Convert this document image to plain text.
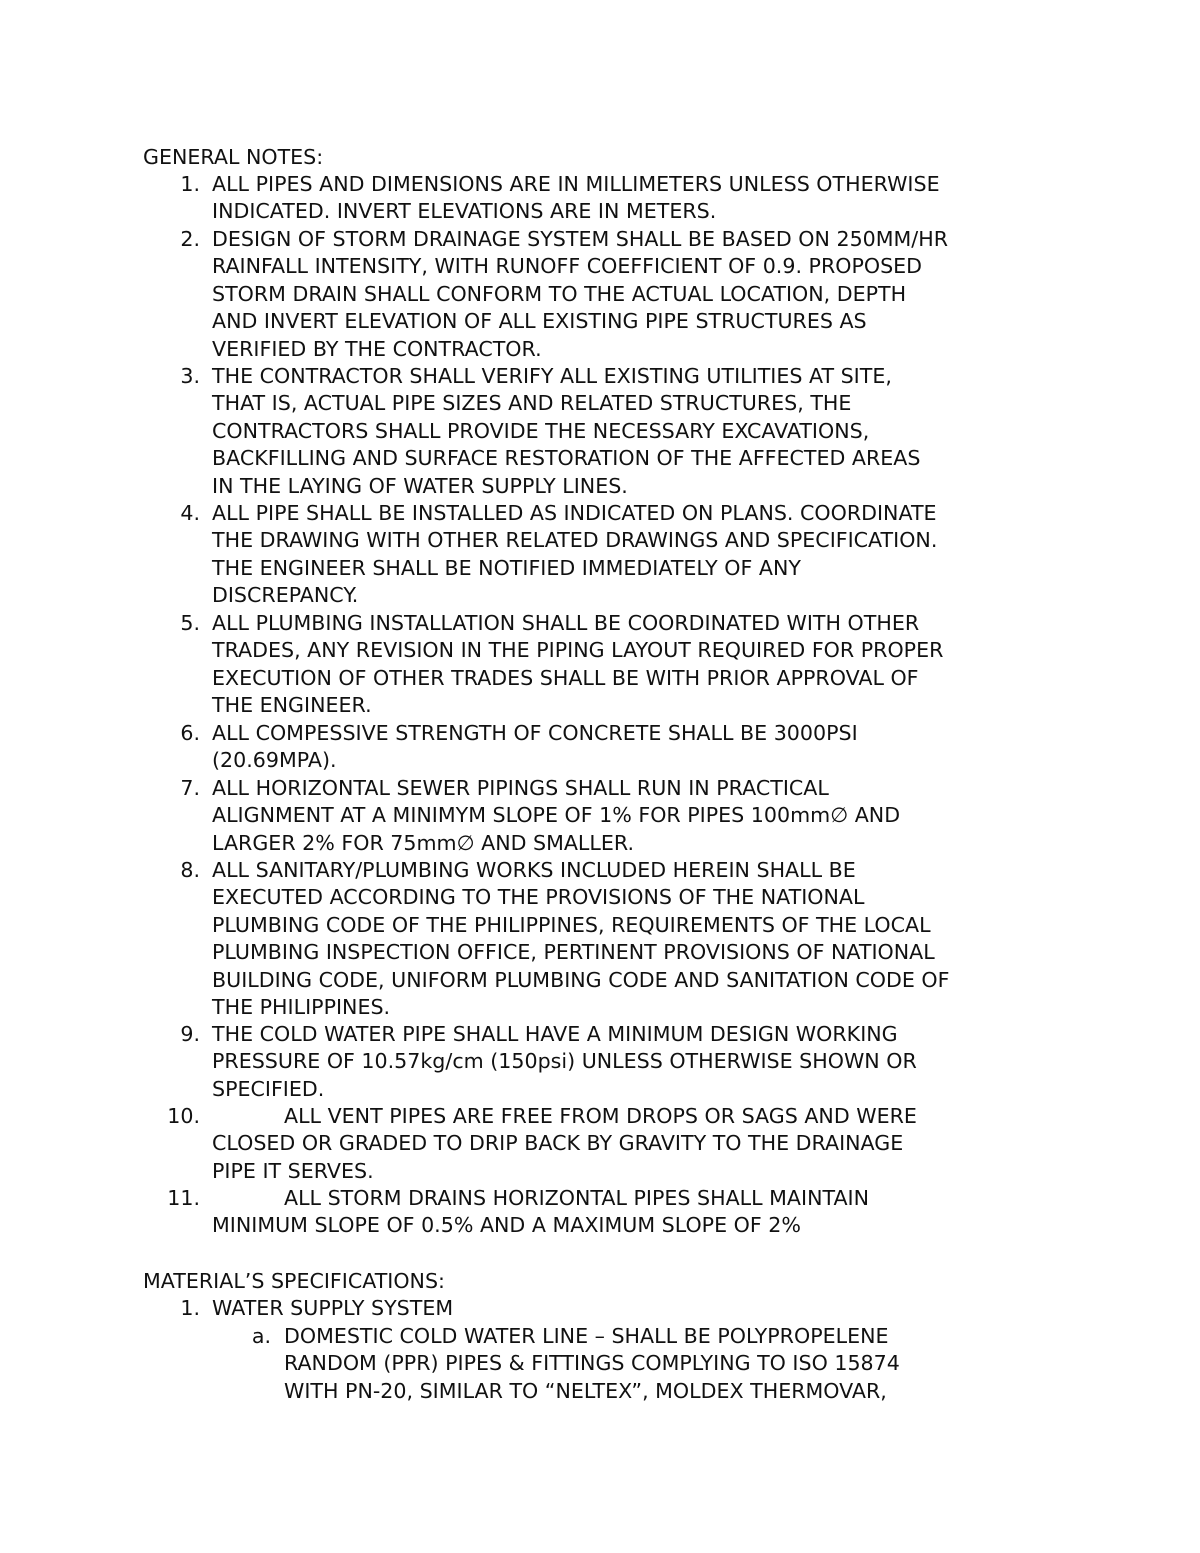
GENERAL NOTES:
1. ALL PIPES AND DIMENSIONS ARE IN MILLIMETERS UNLESS OTHERWISE
INDICATED. INVERT ELEVATIONS ARE IN METERS.
2. DESIGN OF STORM DRAINAGE SYSTEM SHALL BE BASED ON 250MM/HR
RAINFALL INTENSITY, WITH RUNOFF COEFFICIENT OF 0.9. PROPOSED
STORM DRAIN SHALL CONFORM TO THE ACTUAL LOCATION, DEPTH
AND INVERT ELEVATION OF ALL EXISTING PIPE STRUCTURES AS
VERIFIED BY THE CONTRACTOR.
3. THE CONTRACTOR SHALL VERIFY ALL EXISTING UTILITIES AT SITE,
THAT IS, ACTUAL PIPE SIZES AND RELATED STRUCTURES, THE
CONTRACTORS SHALL PROVIDE THE NECESSARY EXCAVATIONS,
BACKFILLING AND SURFACE RESTORATION OF THE AFFECTED AREAS
IN THE LAYING OF WATER SUPPLY LINES.
4. ALL PIPE SHALL BE INSTALLED AS INDICATED ON PLANS. COORDINATE
THE DRAWING WITH OTHER RELATED DRAWINGS AND SPECIFICATION.
THE ENGINEER SHALL BE NOTIFIED IMMEDIATELY OF ANY
DISCREPANCY.
5. ALL PLUMBING INSTALLATION SHALL BE COORDINATED WITH OTHER
TRADES, ANY REVISION IN THE PIPING LAYOUT REQUIRED FOR PROPER
EXECUTION OF OTHER TRADES SHALL BE WITH PRIOR APPROVAL OF
THE ENGINEER.
6. ALL COMPESSIVE STRENGTH OF CONCRETE SHALL BE 3000PSI
(20.69MPA).
7. ALL HORIZONTAL SEWER PIPINGS SHALL RUN IN PRACTICAL
ALIGNMENT AT A MINIMYM SLOPE OF 1% FOR PIPES 100mm∅ AND
LARGER 2% FOR 75mm∅ AND SMALLER.
8. ALL SANITARY/PLUMBING WORKS INCLUDED HEREIN SHALL BE
EXECUTED ACCORDING TO THE PROVISIONS OF THE NATIONAL
PLUMBING CODE OF THE PHILIPPINES, REQUIREMENTS OF THE LOCAL
PLUMBING INSPECTION OFFICE, PERTINENT PROVISIONS OF NATIONAL
BUILDING CODE, UNIFORM PLUMBING CODE AND SANITATION CODE OF
THE PHILIPPINES.
9. THE COLD WATER PIPE SHALL HAVE A MINIMUM DESIGN WORKING
PRESSURE OF 10.57kg/cm (150psi) UNLESS OTHERWISE SHOWN OR
SPECIFIED.
10.	ALL VENT PIPES ARE FREE FROM DROPS OR SAGS AND WERE
CLOSED OR GRADED TO DRIP BACK BY GRAVITY TO THE DRAINAGE
PIPE IT SERVES.
11.	ALL STORM DRAINS HORIZONTAL PIPES SHALL MAINTAIN
MINIMUM SLOPE OF 0.5% AND A MAXIMUM SLOPE OF 2%
MATERIAL’S SPECIFICATIONS:
1. WATER SUPPLY SYSTEM
a. DOMESTIC COLD WATER LINE – SHALL BE POLYPROPELENE
RANDOM (PPR) PIPES & FITTINGS COMPLYING TO ISO 15874
WITH PN-20, SIMILAR TO “NELTEX”, MOLDEX THERMOVAR,
